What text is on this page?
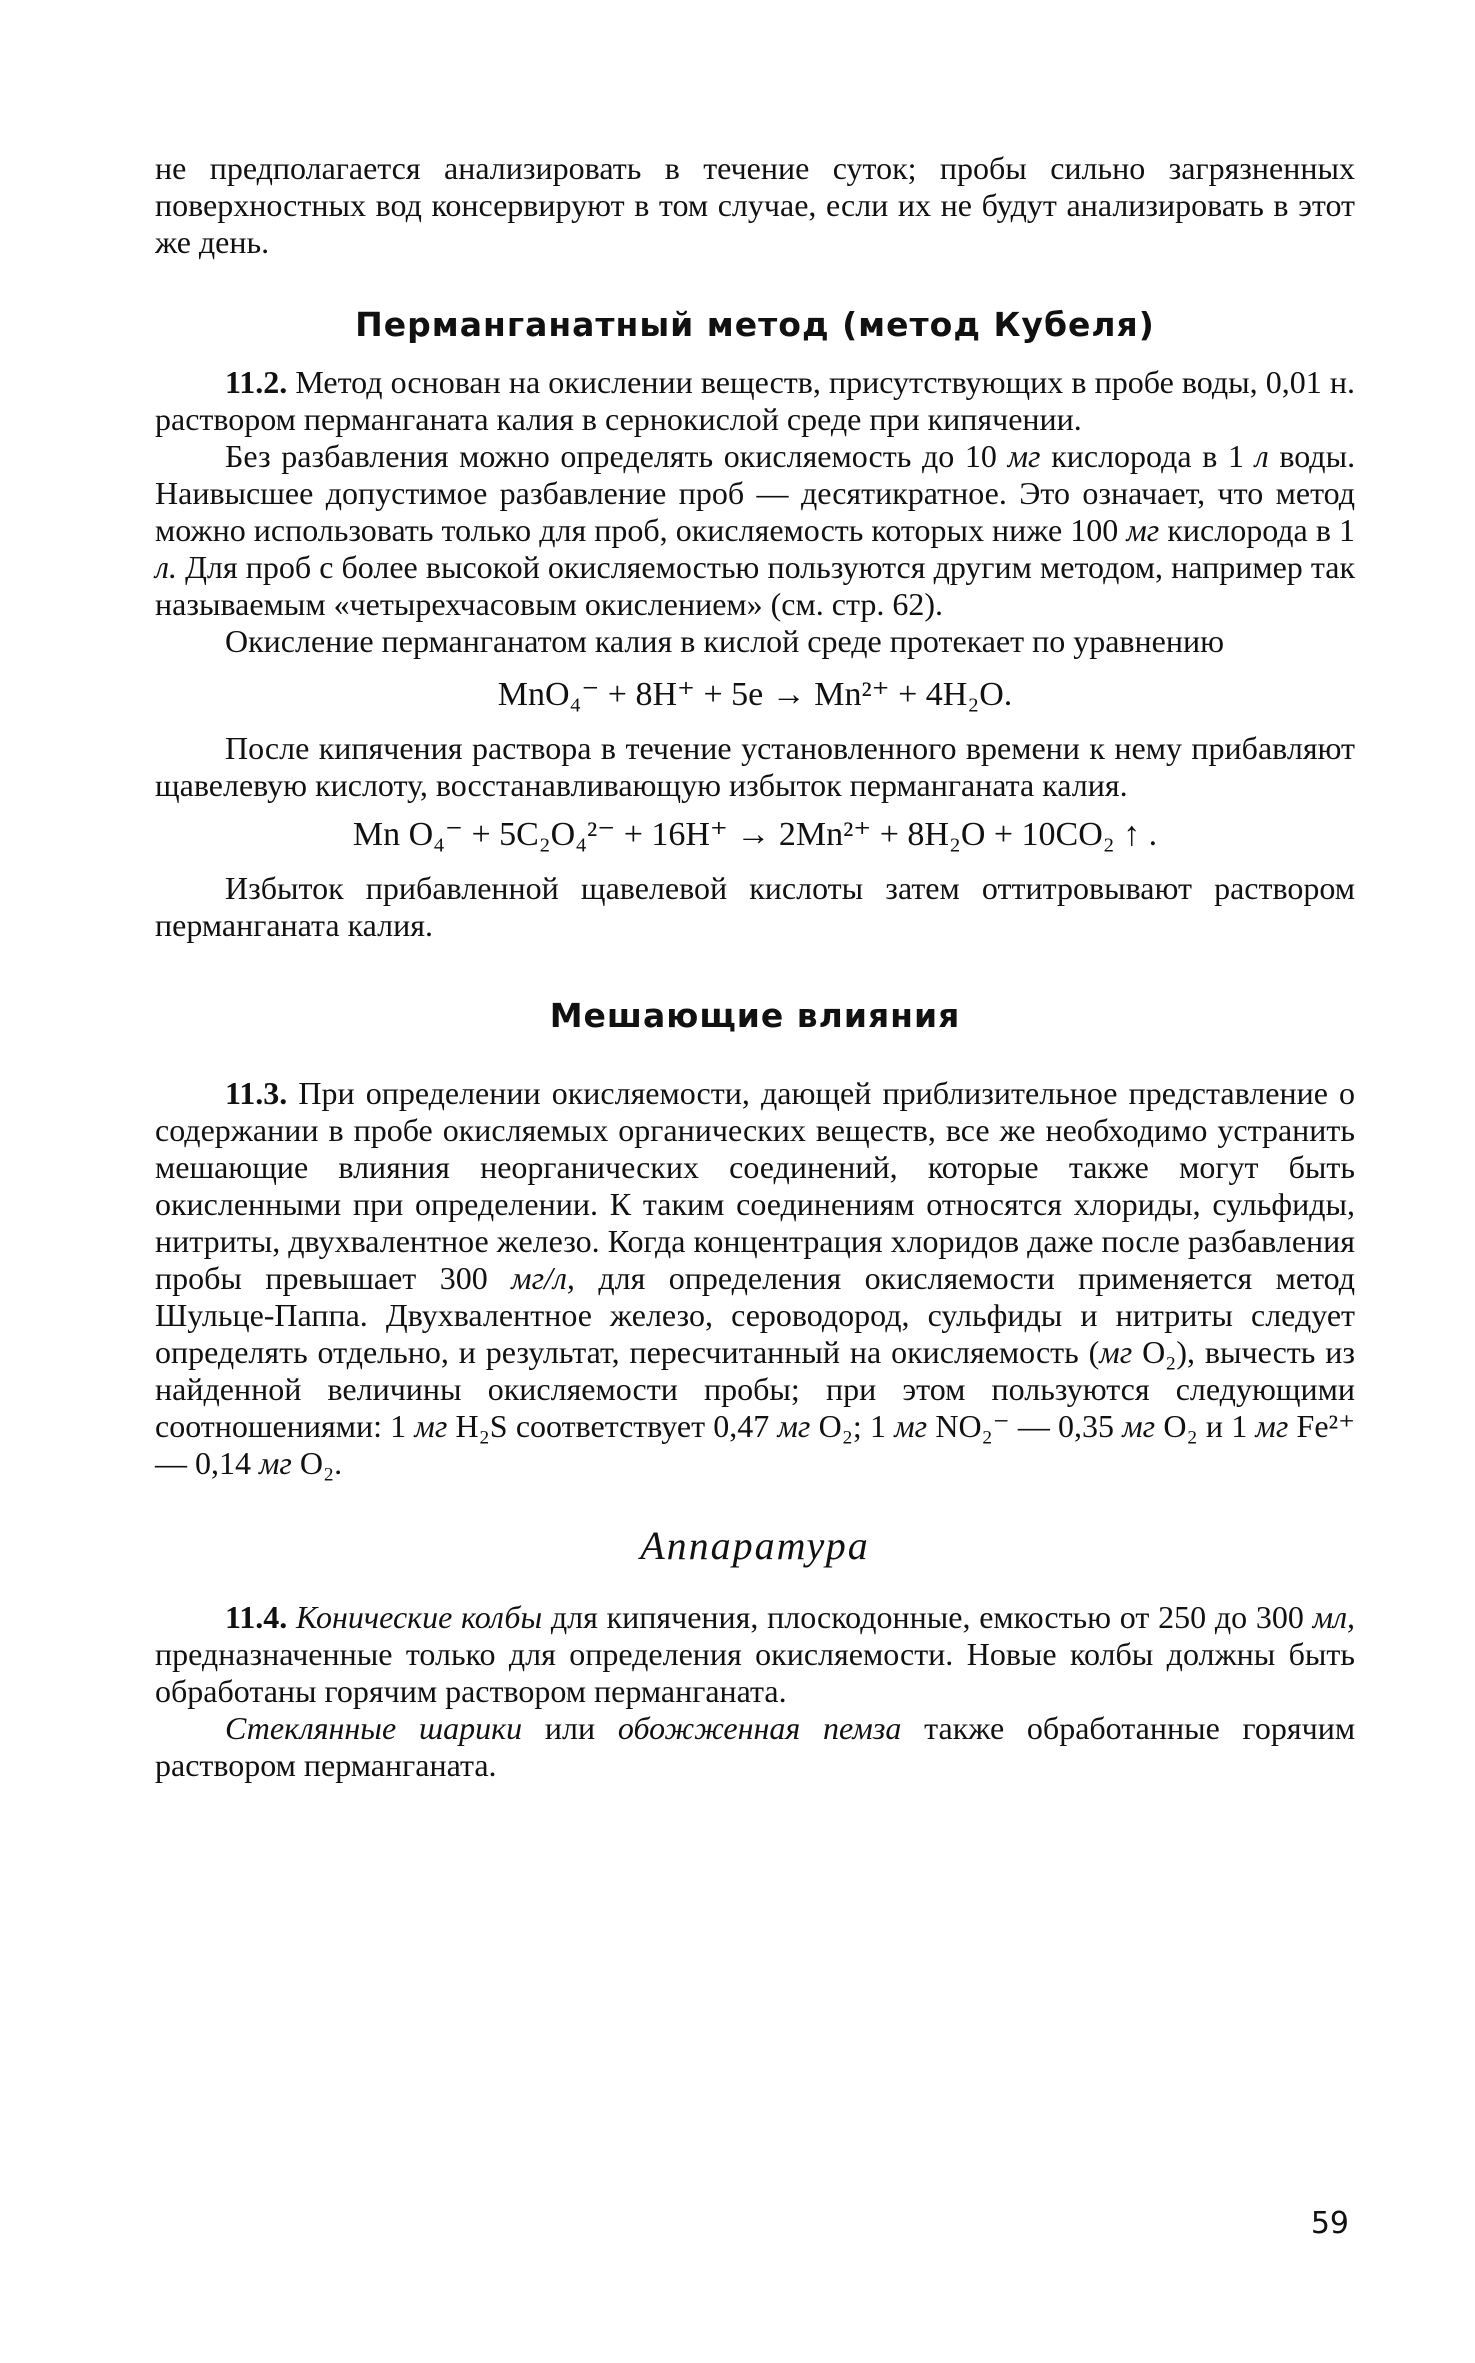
не предполагается анализировать в течение суток; пробы сильно загрязненных поверхностных вод консервируют в том случае, если их не будут анализировать в этот же день.

Перманганатный метод (метод Кубеля)

11.2. Метод основан на окислении веществ, присутствующих в пробе воды, 0,01 н. раствором перманганата калия в сернокислой среде при кипячении.

Без разбавления можно определять окисляемость до 10 мг кислорода в 1 л воды. Наивысшее допустимое разбавление проб — десятикратное. Это означает, что метод можно использовать только для проб, окисляемость которых ниже 100 мг кислорода в 1 л. Для проб с более высокой окисляемостью пользуются другим методом, например так называемым «четырехчасовым окислением» (см. стр. 62).

Окисление перманганатом калия в кислой среде протекает по уравнению

MnO₄⁻ + 8H⁺ + 5e → Mn²⁺ + 4H₂O.

После кипячения раствора в течение установленного времени к нему прибавляют щавелевую кислоту, восстанавливающую избыток перманганата калия.

Mn O₄⁻ + 5C₂O₄²⁻ + 16H⁺ → 2Mn²⁺ + 8H₂O + 10CO₂ ↑ .

Избыток прибавленной щавелевой кислоты затем оттитровывают раствором перманганата калия.

Мешающие влияния

11.3. При определении окисляемости, дающей приблизительное представление о содержании в пробе окисляемых органических веществ, все же необходимо устранить мешающие влияния неорганических соединений, которые также могут быть окисленными при определении. К таким соединениям относятся хлориды, сульфиды, нитриты, двухвалентное железо. Когда концентрация хлоридов даже после разбавления пробы превышает 300 мг/л, для определения окисляемости применяется метод Шульце-Паппа. Двухвалентное железо, сероводород, сульфиды и нитриты следует определять отдельно, и результат, пересчитанный на окисляемость (мг O₂), вычесть из найденной величины окисляемости пробы; при этом пользуются следующими соотношениями: 1 мг H₂S соответствует 0,47 мг O₂; 1 мг NO₂⁻ — 0,35 мг O₂ и 1 мг Fe²⁺ — 0,14 мг O₂.

Аппаратура

11.4. Конические колбы для кипячения, плоскодонные, емкостью от 250 до 300 мл, предназначенные только для определения окисляемости. Новые колбы должны быть обработаны горячим раствором перманганата.

Стеклянные шарики или обожженная пемза также обработанные горячим раствором перманганата.

59
